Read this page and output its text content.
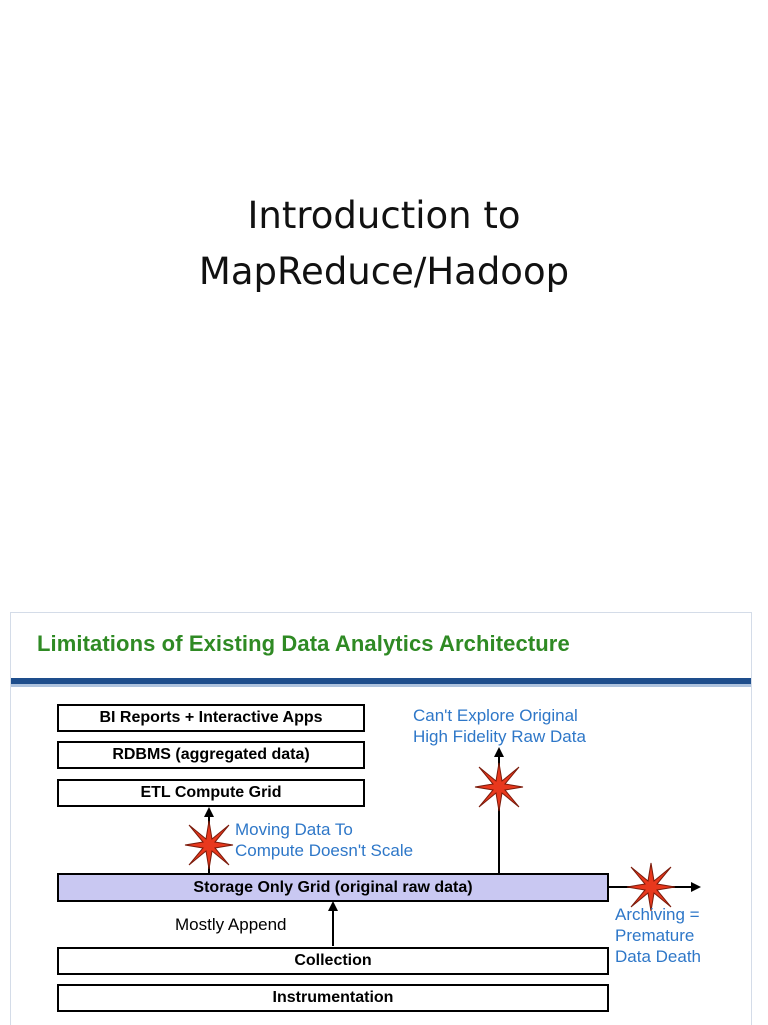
Introduction to
MapReduce/Hadoop
Limitations of Existing Data Analytics Architecture
BI Reports + Interactive Apps
RDBMS (aggregated data)
ETL Compute Grid
Storage Only Grid (original raw data)
Collection
Instrumentation
Mostly Append
Moving Data To
Compute Doesn't Scale
Can't Explore Original
High Fidelity Raw Data
Archiving =
Premature
Data Death
